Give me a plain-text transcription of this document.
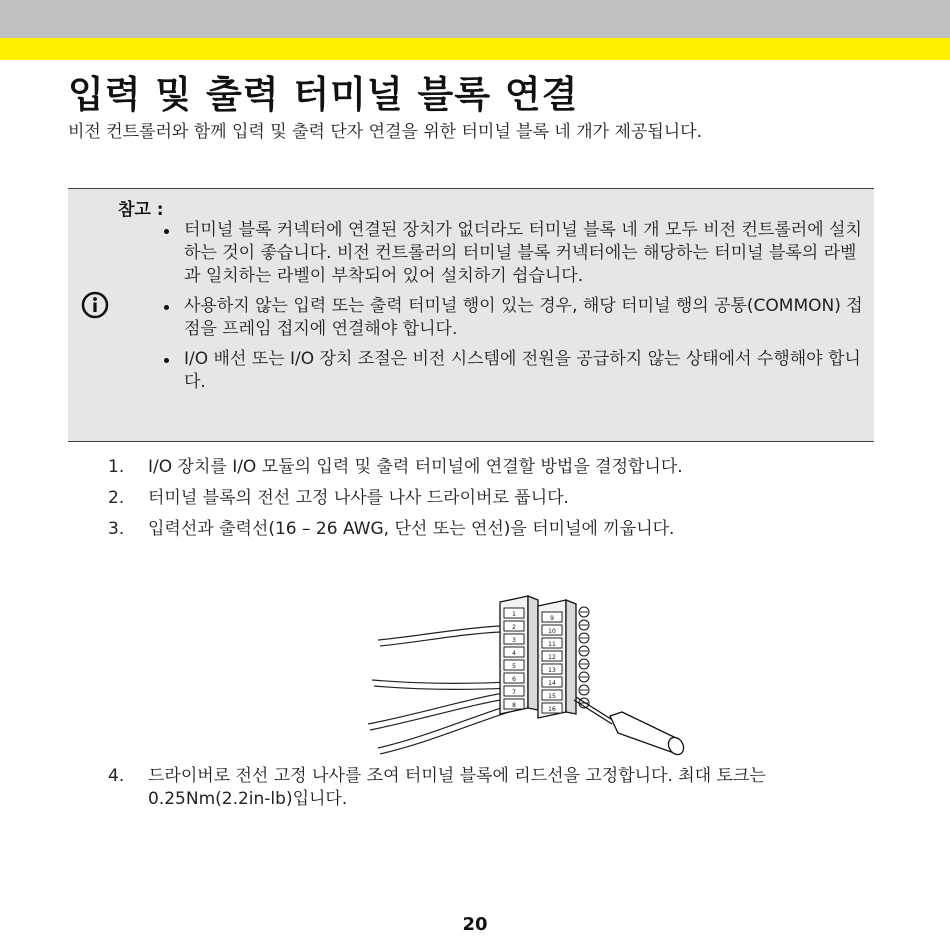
입력 및 출력 터미널 블록 연결

비전 컨트롤러와 함께 입력 및 출력 단자 연결을 위한 터미널 블록 네 개가 제공됩니다.

참고 :
터미널 블록 커넥터에 연결된 장치가 없더라도 터미널 블록 네 개 모두 비전 컨트롤러에 설치하는 것이 좋습니다. 비전 컨트롤러의 터미널 블록 커넥터에는 해당하는 터미널 블록의 라벨과 일치하는 라벨이 부착되어 있어 설치하기 쉽습니다.
사용하지 않는 입력 또는 출력 터미널 행이 있는 경우, 해당 터미널 행의 공통(COMMON) 접점을 프레임 접지에 연결해야 합니다.
I/O 배선 또는 I/O 장치 조절은 비전 시스템에 전원을 공급하지 않는 상태에서 수행해야 합니다.
1. I/O 장치를 I/O 모듈의 입력 및 출력 터미널에 연결할 방법을 결정합니다.
2. 터미널 블록의 전선 고정 나사를 나사 드라이버로 풉니다.
3. 입력선과 출력선(16 – 26 AWG, 단선 또는 연선)을 터미널에 끼웁니다.
1
2
3
4
5
6
7
8
9
10
11
12
13
14
15
16
4. 드라이버로 전선 고정 나사를 조여 터미널 블록에 리드선을 고정합니다. 최대 토크는 0.25Nm(2.2in-lb)입니다.
20
